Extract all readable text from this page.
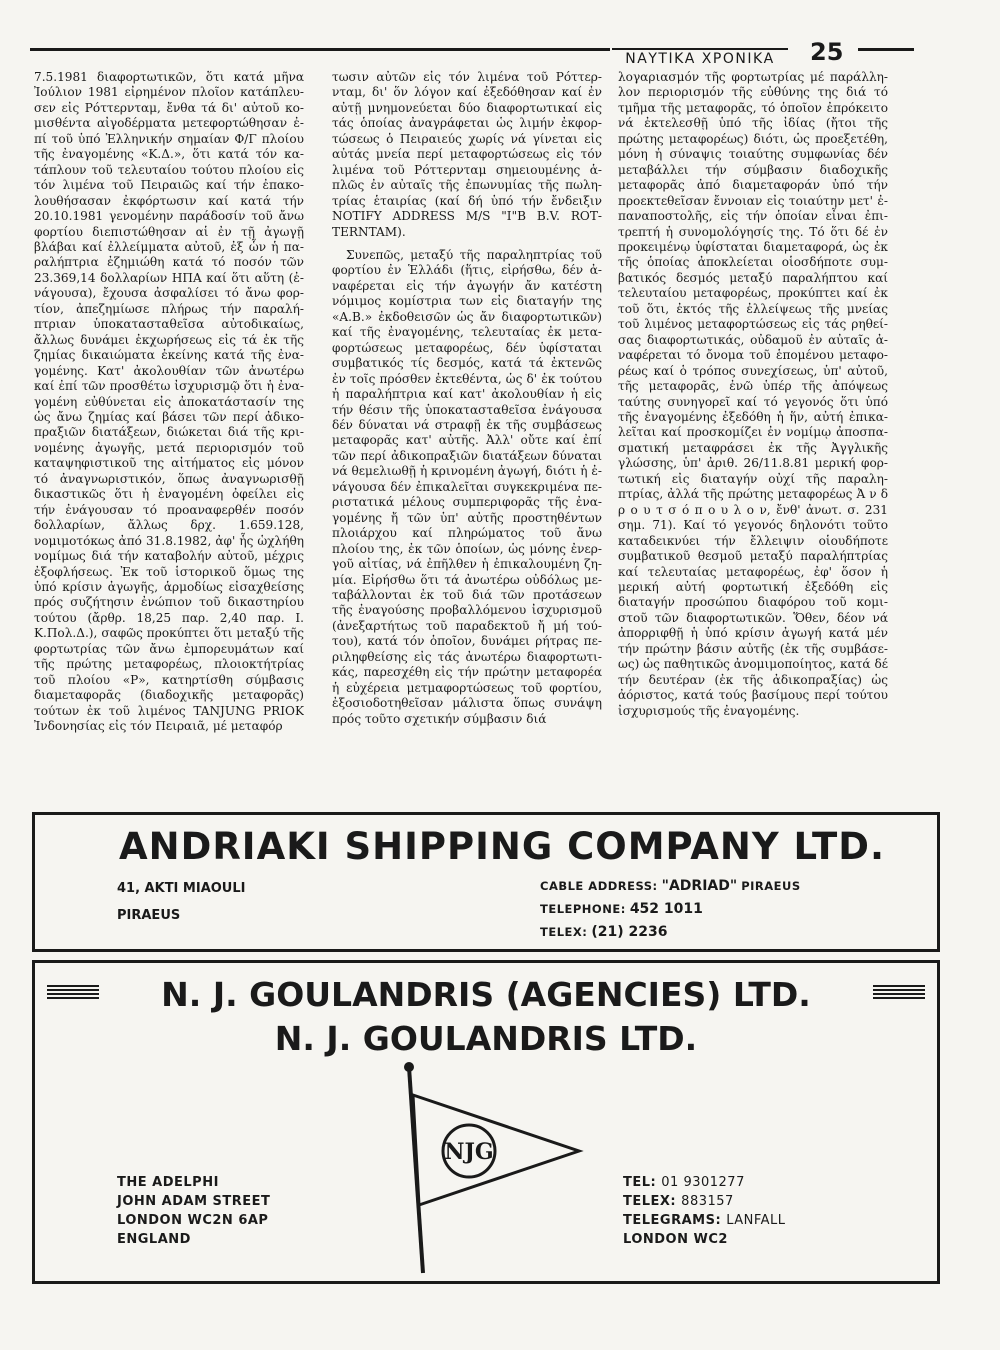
ΝΑΥΤΙΚΑ ΧΡΟΝΙΚΑ	25

7.5.1981 διαφορτωτικῶν, ὅτι κατά μῆνα Ἰούλιον 1981 εἰρημένον πλοῖον κατάπλευσεν εἰς Ρόττερνταμ, ἔνθα τά δι' αὐτοῦ κομισθέντα αἰγοδέρματα μετεφορτώθησαν ἐπί τοῦ ὑπό Ἑλληνικήν σημαίαν Φ/Γ πλοίου τῆς ἐναγομένης «Κ.Δ.», ὅτι κατά τόν κατάπλουν τοῦ τελευταίου τούτου πλοίου εἰς τόν λιμένα τοῦ Πειραιῶς καί τήν ἐπακολουθήσασαν ἐκφόρτωσιν καί κατά τήν 20.10.1981 γενομένην παράδοσίν τοῦ ἄνω φορτίου διεπιστώθησαν αἱ ἐν τῇ ἀγωγῇ βλάβαι καί ἐλλείμματα αὐτοῦ, ἐξ ὧν ἡ παραλήπτρια ἐζημιώθη κατά τό ποσόν τῶν 23.369,14 δολλαρίων ΗΠΑ καί ὅτι αὕτη (ἐνάγουσα), ἔχουσα ἀσφαλίσει τό ἄνω φορτίον, ἀπεζημίωσε πλήρως τήν παραλήπτριαν ὑποκατασταθεῖσα αὐτοδικαίως, ἄλλως δυνάμει ἐκχωρήσεως εἰς τά ἐκ τῆς ζημίας δικαιώματα ἐκείνης κατά τῆς ἐναγομένης. Κατ' ἀκολουθίαν τῶν ἀνωτέρω καί ἐπί τῶν προσθέτω ἰσχυρισμῷ ὅτι ἡ ἐναγομένη εὐθύνεται εἰς ἀποκατάστασίν της ὡς ἄνω ζημίας καί βάσει τῶν περί ἀδικοπραξιῶν διατάξεων, διώκεται διά τῆς κρινομένης ἀγωγῆς, μετά περιορισμόν τοῦ καταψηφιστικοῦ της αἰτήματος εἰς μόνον τό ἀναγνωριστικόν, ὅπως ἀναγνωρισθῇ δικαστικῶς ὅτι ἡ ἐναγομένη ὀφείλει εἰς τήν ἐνάγουσαν τό προαναφερθέν ποσόν δολλαρίων, ἄλλως δρχ. 1.659.128, νομιμοτόκως ἀπό 31.8.1982, ἀφ' ἧς ὡχλήθη νομίμως διά τήν καταβολήν αὐτοῦ, μέχρις ἐξοφλήσεως. Ἐκ τοῦ ἱστορικοῦ ὅμως της ὑπό κρίσιν ἀγωγῆς, ἁρμοδίως εἰσαχθείσης πρός συζήτησιν ἐνώπιον τοῦ δικαστηρίου τούτου (ἄρθρ. 18,25 παρ. 2,40 παρ. Ι. Κ.Πολ.Δ.), σαφῶς προκύπτει ὅτι μεταξύ τῆς φορτωτρίας τῶν ἄνω ἐμπορευμάτων καί τῆς πρώτης μεταφορέως, πλοιοκτήτρίας τοῦ πλοίου «Ρ», κατηρτίσθη σύμβασις διαμεταφορᾶς (διαδοχικῆς μεταφορᾶς) τούτων ἐκ τοῦ λιμένος TANJUNG PRIOK Ἰνδονησίας εἰς τόν Πειραιᾶ, μέ μεταφόρ

τωσιν αὐτῶν εἰς τόν λιμένα τοῦ Ρόττερνταμ, δι' ὅν λόγον καί ἐξεδόθησαν καί ἐν αὐτῇ μνημονεύεται δύο διαφορτωτικαί εἰς τάς ὁποίας ἀναγράφεται ὡς λιμήν ἐκφορτώσεως ὁ Πειραιεύς χωρίς νά γίνεται εἰς αὐτάς μνεία περί μεταφορτώσεως εἰς τόν λιμένα τοῦ Ρόττερνταμ σημειουμένης ἁπλῶς ἐν αὐταῖς τῆς ἐπωνυμίας τῆς πωλητρίας ἑταιρίας (καί δή ὑπό τήν ἔνδειξιν NOTIFY ADDRESS M/S "I"B B.V. ROTTERNTAM).

Συνεπῶς, μεταξύ τῆς παραληπτρίας τοῦ φορτίου ἐν Ἑλλάδι (ἥτις, εἰρήσθω, δέν ἀναφέρεται εἰς τήν ἀγωγήν ἄν κατέστη νόμιμος κομίστρια των εἰς διαταγήν της «Α.Β.» ἐκδοθεισῶν ὡς ἄν διαφορτωτικῶν) καί τῆς ἐναγομένης, τελευταίας ἐκ μεταφορτώσεως μεταφορέως, δέν ὑφίσταται συμβατικός τίς δεσμός, κατά τά ἐκτενῶς ἐν τοῖς πρόσθεν ἐκτεθέντα, ὡς δ' ἐκ τούτου ἡ παραλήπτρια καί κατ' ἀκολουθίαν ἡ εἰς τήν θέσιν τῆς ὑποκατασταθεῖσα ἐνάγουσα δέν δύναται νά στραφῇ ἐκ τῆς συμβάσεως μεταφορᾶς κατ' αὐτῆς. Ἀλλ' οὔτε καί ἐπί τῶν περί ἀδικοπραξιῶν διατάξεων δύναται νά θεμελιωθῇ ἡ κρινομένη ἀγωγή, διότι ἡ ἐνάγουσα δέν ἐπικαλεῖται συγκεκριμένα περιστατικά μέλους συμπεριφορᾶς τῆς ἐναγομένης ἤ τῶν ὑπ' αὐτῆς προστηθέντων πλοιάρχου καί πληρώματος τοῦ ἄνω πλοίου της, ἐκ τῶν ὁποίων, ὡς μόνης ἐνεργοῦ αἰτίας, νά ἐπῆλθεν ἡ ἐπικαλουμένη ζημία. Εἰρήσθω ὅτι τά ἀνωτέρω οὐδόλως μεταβάλλονται ἐκ τοῦ διά τῶν προτάσεων τῆς ἐναγούσης προβαλλόμενου ἰσχυρισμοῦ (ἀνεξαρτήτως τοῦ παραδεκτοῦ ἤ μή τούτου), κατά τόν ὁποῖον, δυνάμει ρήτρας περιληφθείσης εἰς τάς ἀνωτέρω διαφορτωτικάς, παρεσχέθη εἰς τήν πρώτην μεταφορέα ἡ εὐχέρεια μετμαφορτώσεως τοῦ φορτίου, ἐξοσιοδοτηθεῖσαν μάλιστα ὅπως συνάψη πρός τοῦτο σχετικήν σύμβασιν διά

λογαριασμόν τῆς φορτωτρίας μέ παράλληλον περιορισμόν τῆς εὐθύνης της διά τό τμῆμα τῆς μεταφορᾶς, τό ὁποῖον ἐπρόκειτο νά ἐκτελεσθῇ ὑπό τῆς ἰδίας (ἤτοι τῆς πρώτης μεταφορέως) διότι, ὡς προεξετέθη, μόνη ἡ σύναψις τοιαύτης συμφωνίας δέν μεταβάλλει τήν σύμβασιν διαδοχικῆς μεταφορᾶς ἀπό διαμεταφοράν ὑπό τήν προεκτεθεῖσαν ἔννοιαν εἰς τοιαύτην μετ' ἐπαναποστολῆς, εἰς τήν ὁποίαν εἶναι ἐπιτρεπτή ἡ συνομολόγησίς της. Τό ὅτι δέ ἐν προκειμένῳ ὑφίσταται διαμεταφορά, ὡς ἐκ τῆς ὁποίας ἀποκλείεται οἱοσδήποτε συμβατικός δεσμός μεταξύ παραλήπτου καί τελευταίου μεταφορέως, προκύπτει καί ἐκ τοῦ ὅτι, ἐκτός τῆς ἐλλείψεως τῆς μνείας τοῦ λιμένος μεταφορτώσεως εἰς τάς ρηθείσας διαφορτωτικάς, οὐδαμοῦ ἐν αὐταῖς ἀναφέρεται τό ὄνομα τοῦ ἑπομένου μεταφορέως καί ὁ τρόπος συνεχίσεως, ὑπ' αὐτοῦ, τῆς μεταφορᾶς, ἐνῶ ὑπέρ τῆς ἀπόψεως ταύτης συνηγορεῖ καί τό γεγονός ὅτι ὑπό τῆς ἐναγομένης ἐξεδόθη ἡ ἥν, αὐτή ἐπικαλεῖται καί προσκομίζει ἐν νομίμῳ ἀποσπασματική μεταφράσει ἐκ τῆς Ἀγγλικῆς γλώσσης, ὑπ' ἀριθ. 26/11.8.81 μερική φορτωτική εἰς διαταγήν οὐχί τῆς παραληπτρίας, ἀλλά τῆς πρώτης μεταφορέως Ἀ ν δ ρ ο υ τ σ ό π ο υ λ ο ν, ἔνθ' ἀνωτ. σ. 231 σημ. 71). Καί τό γεγονός δηλονότι τοῦτο καταδεικνύει τήν ἔλλειψιν οἱουδήποτε συμβατικοῦ θεσμοῦ μεταξύ παραλήπτρίας καί τελευταίας μεταφορέως, ἐφ' ὅσον ἡ μερική αὐτή φορτωτική ἐξεδόθη εἰς διαταγήν προσώπου διαφόρου τοῦ κομιστοῦ τῶν διαφορτωτικῶν. Ὅθεν, δέον νά ἀπορριφθῇ ἡ ὑπό κρίσιν ἀγωγή κατά μέν τήν πρώτην βάσιν αὐτῆς (ἐκ τῆς συμβάσεως) ὡς παθητικῶς ἀνομιμοποίητος, κατά δέ τήν δευτέραν (ἐκ τῆς ἀδικοπραξίας) ὡς ἀόριστος, κατά τούς βασίμους περί τούτου ἰσχυρισμούς τῆς ἐναγομένης.

ANDRIAKI SHIPPING COMPANY LTD.
41, AKTI MIAOULI
PIRAEUS
CABLE ADDRESS: "ADRIAD" PIRAEUS
TELEPHONE: 452 1011
TELEX: (21) 2236
N. J. GOULANDRIS (AGENCIES) LTD.
N. J. GOULANDRIS LTD.
NJG
THE ADELPHI
JOHN ADAM STREET
LONDON WC2N 6AP
ENGLAND
TEL: 01 9301277
TELEX: 883157
TELEGRAMS: LANFALL
LONDON WC2
